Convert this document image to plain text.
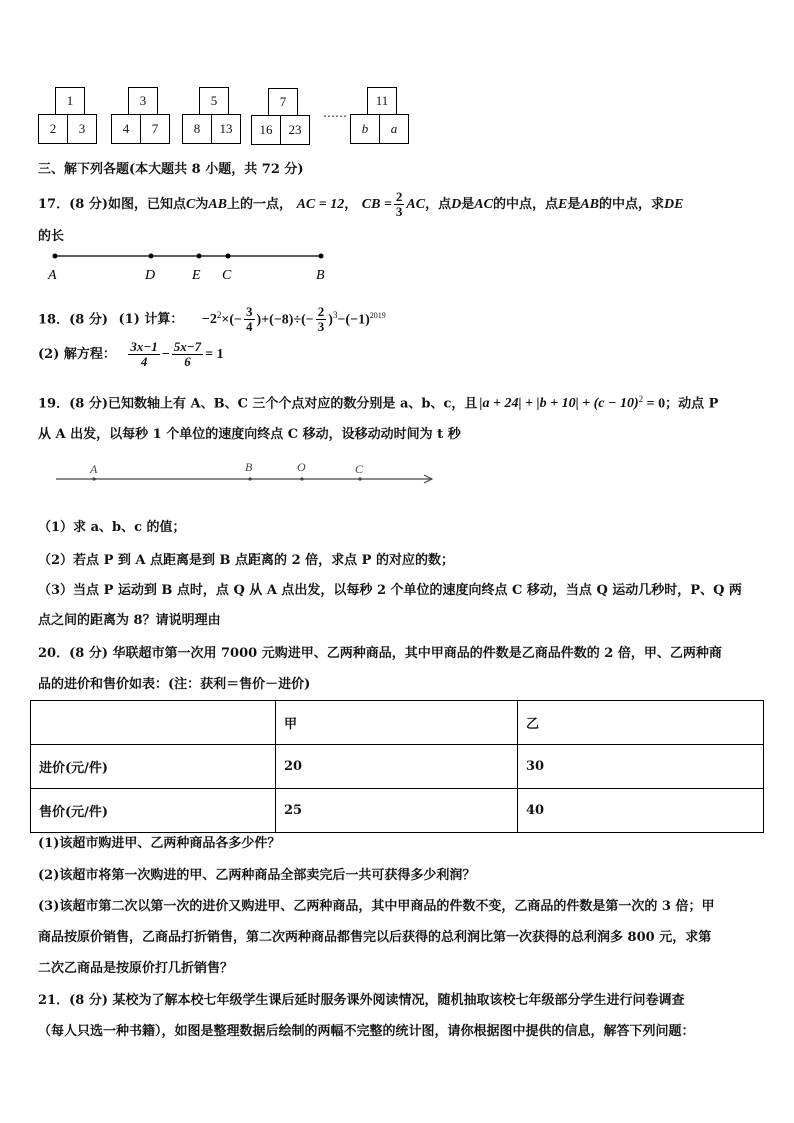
1
2	3
3
4	7
5
8	13
7
16	23
……
11
b	a
三、解下列各题(本大题共 8 小题，共 72 分)
17．(8 分)如图，已知点C为AB上的一点， AC = 12， CB = $\frac{2}{3}$ AC，点D是AC的中点，点E是AB的中点，求DE
的长
A	D	E C	B
18．(8 分) (1) 计算： $-2^2\times(- \frac{3}{4} )+(-8)\div(- \frac{2}{3} )^3-(-1)^{2019}$
(2) 解方程： $\frac{3x-1}{4} - \frac{5x-7}{6} = 1$
19．(8 分)已知数轴上有 A、B、C 三个个点对应的数分别是 a、b、c，且 $|a + 24| + |b + 10| + (c - 10)^2 = 0$；动点 P
从 A 出发，以每秒 1 个单位的速度向终点 C 移动，设移动动时间为 t 秒
A	B	O	C
（1）求 a、b、c 的值；
（2）若点 P 到 A 点距离是到 B 点距离的 2 倍，求点 P 的对应的数；
（3）当点 P 运动到 B 点时，点 Q 从 A 点出发，以每秒 2 个单位的速度向终点 C 移动，当点 Q 运动几秒时，P、Q 两
点之间的距离为 8？请说明理由
20．(8 分) 华联超市第一次用 7000 元购进甲、乙两种商品，其中甲商品的件数是乙商品件数的 2 倍，甲、乙两种商
品的进价和售价如表：(注：获利＝售价－进价)
	甲	乙
进价(元/件)	20	30
售价(元/件)	25	40
(1)该超市购进甲、乙两种商品各多少件？
(2)该超市将第一次购进的甲、乙两种商品全部卖完后一共可获得多少利润？
(3)该超市第二次以第一次的进价又购进甲、乙两种商品，其中甲商品的件数不变，乙商品的件数是第一次的 3 倍；甲
商品按原价销售，乙商品打折销售，第二次两种商品都售完以后获得的总利润比第一次获得的总利润多 800 元，求第
二次乙商品是按原价打几折销售？
21．(8 分) 某校为了解本校七年级学生课后延时服务课外阅读情况，随机抽取该校七年级部分学生进行问卷调查
（每人只选一种书籍），如图是整理数据后绘制的两幅不完整的统计图，请你根据图中提供的信息，解答下列问题：
